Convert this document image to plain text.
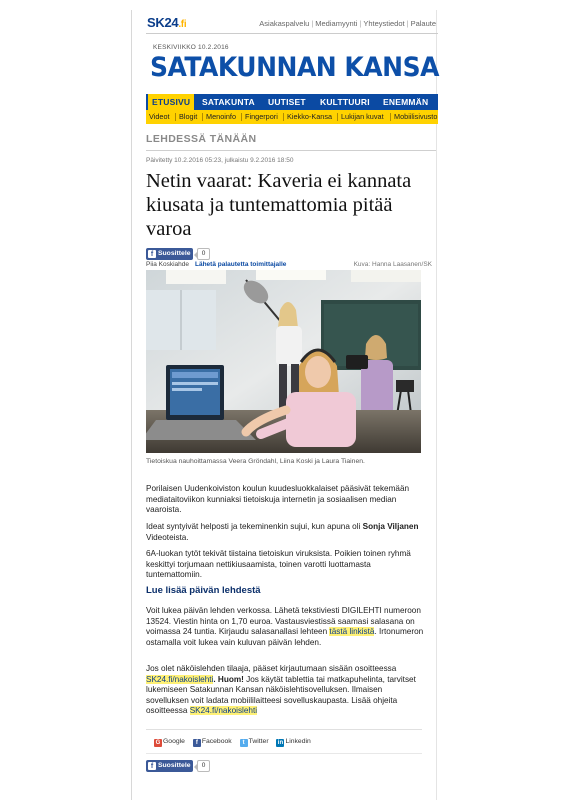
SK24.fi	Asiakaspalvelu | Mediamyynti | Yhteystiedot | Palaute
KESKIVIIKKO 10.2.2016
SATAKUNNAN KANSA
ETUSIVU	SATAKUNTA UUTISET KULTTUURI ENEMMÄN
Videot Blogit Menoinfo Fingerpori Kiekko-Kansa Lukijan kuvat Mobiilisivusto
LEHDESSÄ TÄNÄÄN
Päivitetty 10.2.2016 05:23, julkaistu 9.2.2016 18:50
Netin vaarat: Kaveria ei kannata kiusata ja tuntemattomia pitää varoa
f Suosittele	0
Piia Koskiahde Lähetä palautetta toimittajalle	Kuva: Hanna Laasanen/SK
Tietoiskua nauhoittamassa Veera Gröndahl, Liina Koski ja Laura Tiainen.
Porilaisen Uudenkoiviston koulun kuudesluokkalaiset pääsivät tekemään mediataitoviikon kunniaksi tietoiskuja internetin ja sosiaalisen median vaaroista.
Ideat syntyivät helposti ja tekeminenkin sujui, kun apuna oli Sonja Viljanen Videoteista.
6A-luokan tytöt tekivät tiistaina tietoiskun viruksista. Poikien toinen ryhmä keskittyi torjumaan nettikiusaamista, toinen varotti luottamasta tuntemattomiin.
Lue lisää päivän lehdestä
Voit lukea päivän lehden verkossa. Lähetä tekstiviesti DIGILEHTI numeroon 13524. Viestin hinta on 1,70 euroa. Vastausviestissä saamasi salasana on voimassa 24 tuntia. Kirjaudu salasanallasi lehteen tästä linkistä. Irtonumeron ostamalla voit lukea vain kuluvan päivän lehden.
Jos olet näköislehden tilaaja, pääset kirjautumaan sisään osoitteessa SK24.fi/nakoislehti. Huom! Jos käytät tablettia tai matkapuhelinta, tarvitset lukemiseen Satakunnan Kansan näköislehtisovelluksen. Ilmaisen sovelluksen voit ladata mobiililaitteesi sovelluskaupasta. Lisää ohjeita osoitteessa SK24.fi/nakoislehti
G Google f Facebook t Twitter in Linkedin
f Suosittele	0
